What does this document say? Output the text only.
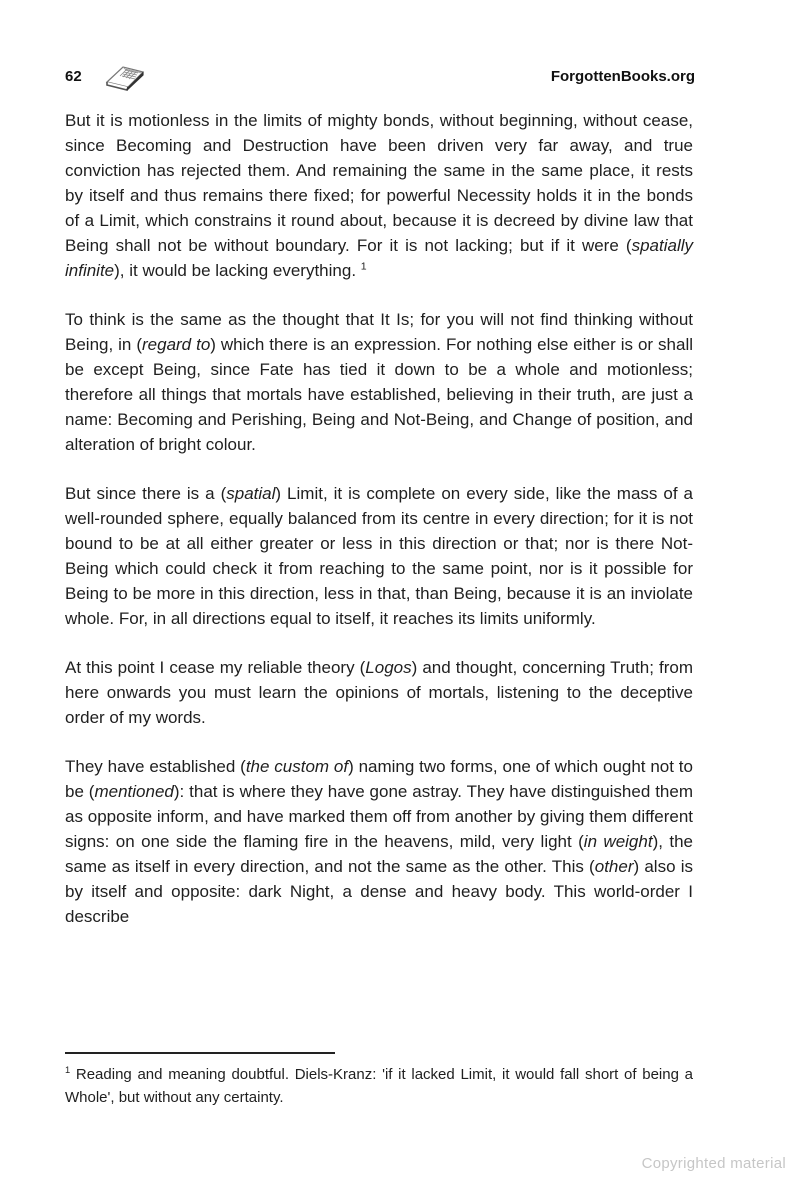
62	ForgottenBooks.org

But it is motionless in the limits of mighty bonds, without beginning, without cease, since Becoming and Destruction have been driven very far away, and true conviction has rejected them. And remaining the same in the same place, it rests by itself and thus remains there fixed; for powerful Necessity holds it in the bonds of a Limit, which constrains it round about, because it is decreed by divine law that Being shall not be without boundary. For it is not lacking; but if it were (spatially infinite), it would be lacking everything. $^1$

To think is the same as the thought that It Is; for you will not find thinking without Being, in (regard to) which there is an expression. For nothing else either is or shall be except Being, since Fate has tied it down to be a whole and motionless; therefore all things that mortals have established, believing in their truth, are just a name: Becoming and Perishing, Being and Not-Being, and Change of position, and alteration of bright colour.

But since there is a (spatial) Limit, it is complete on every side, like the mass of a well-rounded sphere, equally balanced from its centre in every direction; for it is not bound to be at all either greater or less in this direction or that; nor is there Not-Being which could check it from reaching to the same point, nor is it possible for Being to be more in this direction, less in that, than Being, because it is an inviolate whole. For, in all directions equal to itself, it reaches its limits uniformly.

At this point I cease my reliable theory (Logos) and thought, concerning Truth; from here onwards you must learn the opinions of mortals, listening to the deceptive order of my words.

They have established (the custom of) naming two forms, one of which ought not to be (mentioned): that is where they have gone astray. They have distinguished them as opposite inform, and have marked them off from another by giving them different signs: on one side the flaming fire in the heavens, mild, very light (in weight), the same as itself in every direction, and not the same as the other. This (other) also is by itself and opposite: dark Night, a dense and heavy body. This world-order I describe

$^1$ Reading and meaning doubtful. Diels-Kranz: 'if it lacked Limit, it would fall short of being a Whole', but without any certainty.
Copyrighted material
